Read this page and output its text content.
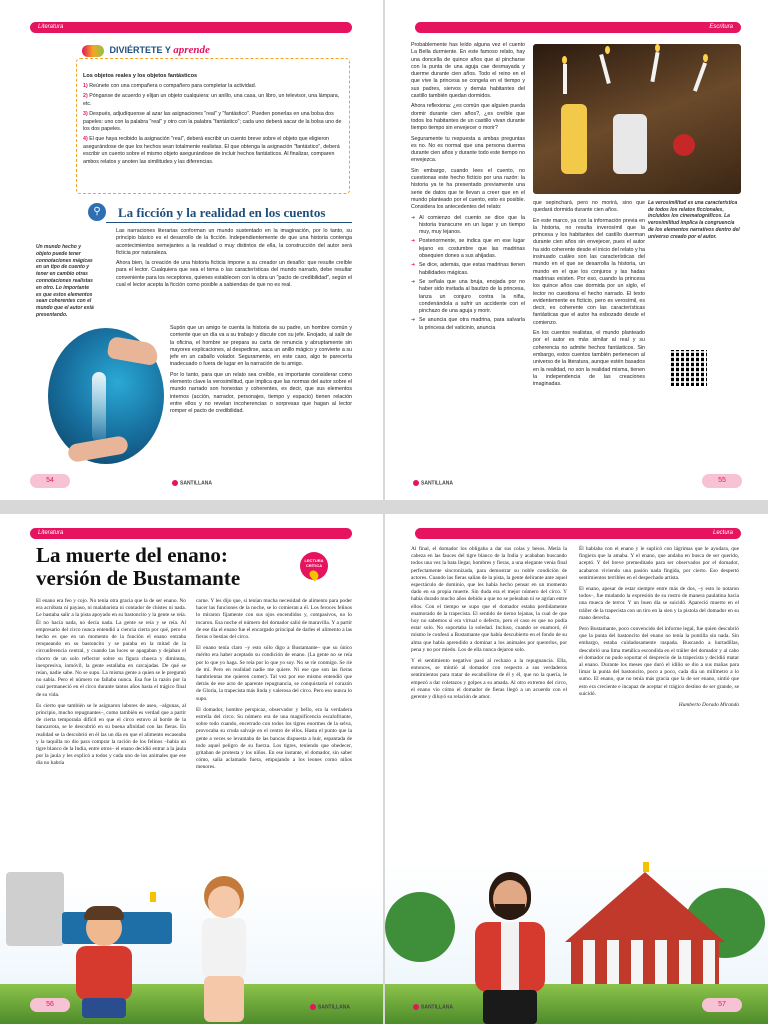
Literatura
Los objetos reales y los objetos fantásticos
1) Reúnete con una compañera o compañero para completar la actividad.
2) Pónganse de acuerdo y elijan un objeto cualquiera: un anillo, una casa, un libro, un televisor, una lámpara, etc.
3) Después, adjudíquense al azar las asignaciones "real" y "fantástico". Pueden ponerlas en una bolsa dos papeles: uno con la palabra "real" y otro con la palabra "fantástico"; cada uno deberá sacar de la bolsa uno de los dos papeles.
4) El que haya recibido la asignación "real", deberá escribir un cuento breve sobre el objeto que eligieron asegurándose de que los hechos sean totalmente realistas. El que obtenga la asignación "fantástico", deberá escribir un cuento sobre el mismo objeto asegurándose de incluir hechos fantásticos. Al finalizar, comparen ambos relatos y anoten las similitudes y las diferencias.
DIVIÉRTETE Y aprende
⚲	La ficción y la realidad en los cuentos
Un mundo hecho y objeto puede tener connotaciones mágicas en un tipo de cuento y tener en cambio otras connotaciones realistas en otro. Lo importante es que estos elementos sean coherentes con el mundo que el autor está presentando.

Las narraciones literarias conforman un mundo sustentado en la imaginación, por lo tanto, su principio básico es el desarrollo de la ficción. Independientemente de que una historia contenga acontecimientos semejantes a la realidad o muy distintos de ella, la construcción del autor será ficticia por naturaleza.

Ahora bien, la creación de una historia ficticia impone a su creador un desafío: que resulte creíble para el lector. Cualquiera que sea el tema o las características del mundo narrado, debe resultar conveniente para los receptores, quienes establecen con la obra un "pacto de credibilidad", según el cual el lector acepta la ficción como posible a sabiendas de que no es real.

Supón que un amigo te cuenta la historia de su padre, un hombre común y corriente que un día va a su trabajo y discute con su jefe. Enojado, al salir de la oficina, el hombre se prepara su carta de renuncia y abruptamente sin mayores explicaciones, al despedirse, saca un anillo mágico y convierte a su jefe en un caballo volador. Seguramente, en este caso, algo te parecería inadecuado o fuera de lugar en la narración de tu amigo.

Por lo tanto, para que un relato sea creíble, es importante considerar como elemento clave la verosimilitud, que implica que las normas del autor sobre el mundo narrado son honestas y coherentes, es decir, que sus elementos internos (acción, narrador, personajes, tiempo y espacio) tienen relación entre ellos y no revelan incoherencias o sorpresas que hagan al lector romper el pacto de credibilidad.

54	SANTILLANA
Escritura

Probablemente has leído alguna vez el cuento La Bella durmiente. En este famoso relato, hay una doncella de quince años que al pincharse con la punta de una aguja cae desmayada y duerme durante cien años. Todo el reino en el que vive la princesa se congela en el tiempo y sus padres, siervos y demás habitantes del castillo también quedan dormidos.

Ahora reflexiona: ¿es común que alguien pueda dormir durante cien años?, ¿es creíble que todos los habitantes de un castillo vivan durante tiempo tiempo sin envejecer o morir?

Seguramente tu respuesta a ambas preguntas es no. No es normal que una persona duerma durante cien años y durante todo este tiempo no envejezca.

Sin embargo, cuando lees el cuento, no cuestionas este hecho ficticio por una razón: la historia ya te ha presentado previamente una serie de datos que te llevan a creer que en el mundo planteado por el cuento, esto es posible. Considera los antecedentes del relato:

➜ Al comienzo del cuento se dice que la historia transcurre en un lugar y un tiempo muy, muy lejanos.
➜ Posteriormente, se indica que en ese lugar lejano es costumbre que las madrinas obsequien dones a sus ahijadas.
➜ Se dice, además, que estas madrinas tienen habilidades mágicas.
➜ Se señala que una bruja, enojada por no haber sido invitada al bautizo de la princesa, lanza un conjuro contra la niña, condenándola a sufrir un accidente con el pinchazo de una aguja y morir.
➜ Se anuncia que otra madrina, para salvarla la princesa del vaticinio, anuncia
La verosimilitud es una característica de todos los relatos ficcionales, incluidos los cinematográficos. La verosimilitud implica la congruencia de los elementos narrativos dentro del universo creado por el autor.

que sepinchará, pero no morirá, sino que quedará dormida durante cien años.

En este marco, ya con la información previa en la historia, no resulta inverosímil que la princesa y los habitantes del castillo duerman durante cien años sin envejecer, pues el autor ha sido coherente desde el inicio del relato y ha insinuado cuáles son las características del mundo en el que se desarrolla la historia, un mundo en el que los conjuros y las hadas madrinas existen. Por eso, cuando la princesa los quince años cae dormida por un siglo, el lector no cuestiona el hecho narrado. El texto evidentemente es ficticio, pero es verosímil, es decir, es coherente con las características fantásticas que el autor ha esbozado desde el comienzo.

En los cuentos realistas, el mundo planteado por el autor es más similar al real y su coherencia no admite hechos fantásticos. Sin embargo, estos cuentos también pertenecen al universo de la literatura, aunque estén basados en la realidad, no son la realidad misma, tienen la independencia de las creaciones imaginadas.

55
SANTILLANA
Literatura
La muerte del enano:
versión de Bustamante
LECTURA CRÍTICA

El enano era feo y cojo. No tenía otra gracia que la de ser enano. No era acróbata ni payaso, ni malabarista ni contador de chistes ni nada. Le bastaba salir a la pista apoyado en su bastoncito y la gente se reía. Él no hacía nada, no decía nada. La gente se reía y se reía. Al empresario del circo nunca entendió a ciencia cierta por qué, pero el hecho es que en un momento de la función el enano entraba renqueando en su bastoncito y se paraba en la mitad de la circunferencia central, y cuando las luces se apagaban y dejaban el chorro de un solo reflector sobre su figura chueca y diminuta, inexpresiva, inmóvil, la gente estallaba en carcajadas. De qué se reían, nadie sabe. No se supo. La misma gente a quien se le preguntó no sabía. Pero el número no fallaba nunca. Esa fue la razón por la cual permaneció en el circo durante tantos años hasta el trágico final de su vida.

Es cierto que también se le asignaron labores de aseo, –algunas, al principio, mucho repugnantes–, como también es verdad que a partir de cierta temporada difícil en que el circo estuvo al borde de la bancarrota, se le descubrió en su buena afinidad con las fieras. En realidad se la descubrió en él las un día en que el alimento escaseaba y la taquilla no dio para comprar la ración de los felinos –había un tigre blanco de la India, entre otros– el enano decidió entrar a la jaula por la jaula y les explicó a todos y cada uno de los animales que ese día no habría

carne. Y les dijo que, si tenían mucha necesidad de alimento para poder hacer las funciones de la noche, se lo comieran a él. Los feroces felinos lo miraron fijamente con sus ojos encendidos y, compasivos, no lo tocaron. Esa noche el número del domador salió de maravilla. Y a partir de ese día el enano fue el encargado principal de darles el alimento a las fieras o bestias del circo.

El enano tenía claro –y esto sólo digo a Bustamante– que su único mérito era haber aceptado su condición de enano. (La gente no se reía por lo que yo haga. Se reía por lo que yo soy. No se ríe conmigo. Se ríe de mí. Pero en realidad nadie me quiere. Ni ese que son las fieras hambrientas me quieren comer). Tal vez por ese mismo entendió que detrás de ese acto de aparente repugnancia, se conquistaría el corazón de Gloria, la trapecista más linda y valerosa del circo. Pero eso nunca lo supo.

El domador, hombre perspicaz, observador y bello, era la verdadera estrella del circo. Su número era de una magnificencia escalofriante, sobre todo cuando, encerrado con todos los tigres enormes de la selva, provocaba su cruda salvaje en el centro de ellos. Hasta el punto que la gente a veces se levantaba de las bancas dispuesta a huir, espantada de todo aquel peligro de su fuerza. Los tigres, teniendo que obedecer, gritaban de protesta y los niños. En ese instante, el domador, sin saber cómo, salía aclamado fuera, empujando a los leones como niños menores.

56	SANTILLANA
Lectura

Al final, el domador los obligaba a dar sus colas y besos. Metía la cabeza en las fauces del tigre blanco de la India y acababan buscando todos una vez la bata llegar, hombres y fieras, a una elegante venia final perfectamente sincronizada, para demostrar su noble condición de actores. Cuando las fieras salían de la pista, la gente delirante ante aquel espectáculo de dominio, que les había hecho pensar en un momento dado en su propia muerte. Sin duda era el mejor número del circo. Y había durado mucho años debido a que no se peleaban ni se agrían entre ellos. Con el tiempo se supo que el domador estaba perdidamente enamorado de la trapecista. El sentido de tierno lejanas, la cual de que hoy no sabemos si era virtual o defecto, pero el caso es que no podía estar solo. No soportaba la soledad. Incluso, cuando se enamoró, él mismo le confesó a Bustamante que había descubierto en el fondo de su alma que había aprendido a dominar a los animales por quererlos, por pena y no por miedo. Los de ella nunca dejaron solo.

Y el sentimiento negativo pasó al rechazo a la repugnancia. Ella, entonces, se mintió al domador con respecto a sus verdaderos sentimientos para tratar de escabullirse de él y él, que no la quería, le empezó a dar coletazos y golpes a su amada. Al otro extremo del circo, el enano vio cómo el domador de fieras llegó a un acuerdo con el gerente y diluyó su relación de amor.

Él hablaba con el enano y le suplicó con lágrimas que le ayudara, que fingiera que la amaba. Y el enano, que andaba en busca de ser querido, aceptó. Y del breve premeditado para ser observados por el domador, acabaron viviendo una pasión nada fingida, por cierto. Eso despertó sentimientos terribles en el despechado artista.

El enano, apesar de estar siempre entre más de dos, –y esto lo notaron todos–, fue mudando la expresión de su rostro de manera paulatina hacia una mueca de terror. Y un buen día se suicidó. Apareció muerto en el tráiler de la trapecista con un tiro en la sien y la pistola del domador en su mano derecha.

Pero Bustamante, poco convencido del informe legal, fue quien descubrió que la punta del bastoncito del enano no tenía la puntilla sin nada. Sin embargo, estaba cuidadosamente raspada. Buscando a hurtadillas, descubrió una lima metálica escondida en el tráiler del domador y al cabo el domador no pudo soportar el desprecio de la trapecista y decidió matar al enano. Durante los meses que duró el idilio se dio a sus mañas para limar la punta del bastoncito, poco a poco, cada día un milímetro a lo sumo. El enano, que no tenía más gracia que la de ser enano, sintió que esto era creciente e incapaz de aceptar el trágico destino de ser grande, se suicidó.

Humberto Dorado Miranda

57
SANTILLANA
